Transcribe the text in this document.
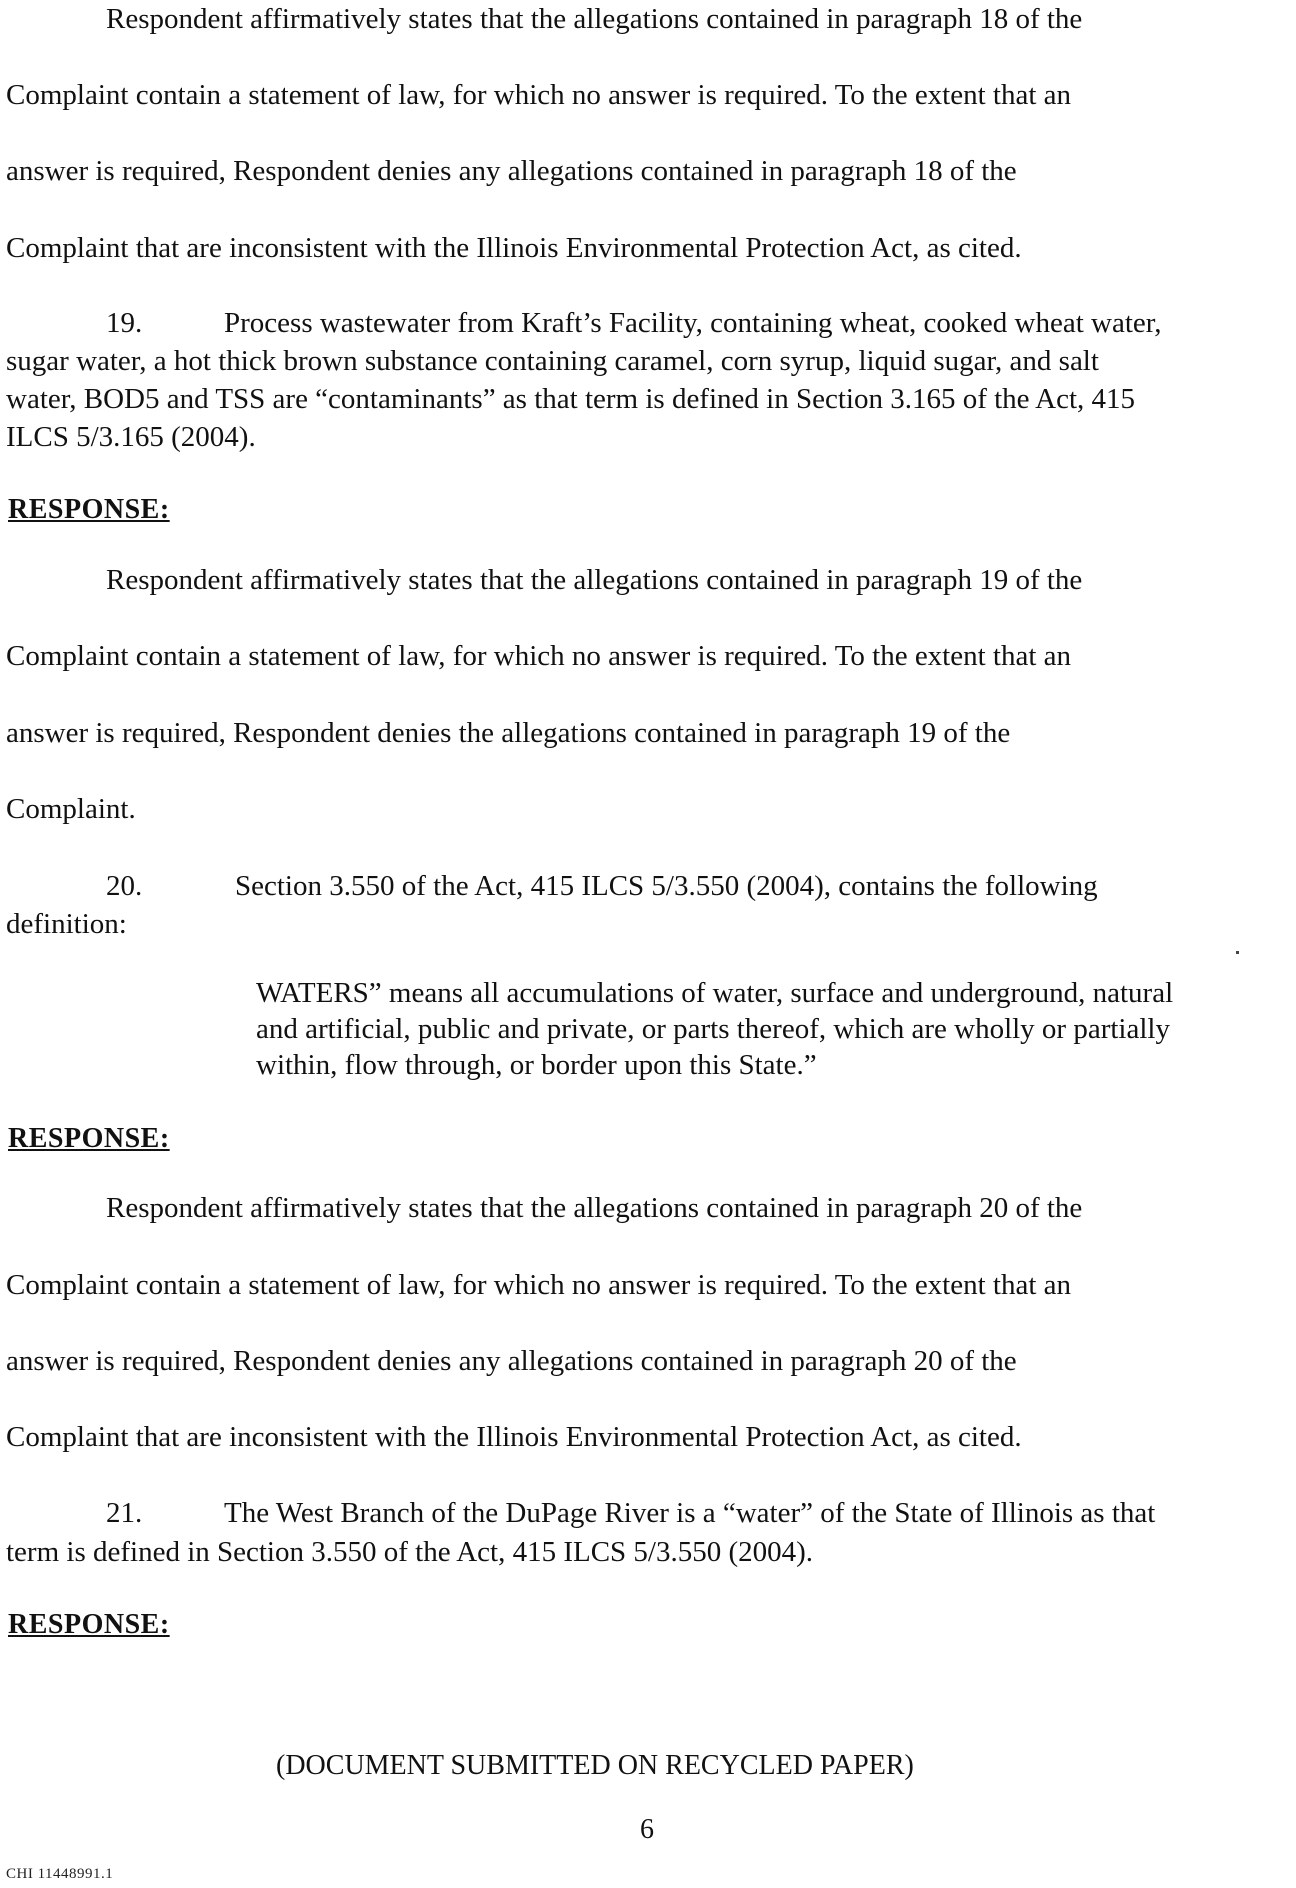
Respondent affirmatively states that the allegations contained in paragraph 18 of the
Complaint contain a statement of law, for which no answer is required. To the extent that an
answer is required, Respondent denies any allegations contained in paragraph 18 of the
Complaint that are inconsistent with the Illinois Environmental Protection Act, as cited.
19.	Process wastewater from Kraft’s Facility, containing wheat, cooked wheat water,
sugar water, a hot thick brown substance containing caramel, corn syrup, liquid sugar, and salt
water, BOD5 and TSS are “contaminants” as that term is defined in Section 3.165 of the Act, 415
ILCS 5/3.165 (2004).
RESPONSE:
Respondent affirmatively states that the allegations contained in paragraph 19 of the
Complaint contain a statement of law, for which no answer is required. To the extent that an
answer is required, Respondent denies the allegations contained in paragraph 19 of the
Complaint.
20.	Section 3.550 of the Act, 415 ILCS 5/3.550 (2004), contains the following
definition:
WATERS” means all accumulations of water, surface and underground, natural
and artificial, public and private, or parts thereof, which are wholly or partially
within, flow through, or border upon this State.”
RESPONSE:
Respondent affirmatively states that the allegations contained in paragraph 20 of the
Complaint contain a statement of law, for which no answer is required. To the extent that an
answer is required, Respondent denies any allegations contained in paragraph 20 of the
Complaint that are inconsistent with the Illinois Environmental Protection Act, as cited.
21.	The West Branch of the DuPage River is a “water” of the State of Illinois as that
term is defined in Section 3.550 of the Act, 415 ILCS 5/3.550 (2004).
RESPONSE:
(DOCUMENT SUBMITTED ON RECYCLED PAPER)
6
CHI 11448991.1
